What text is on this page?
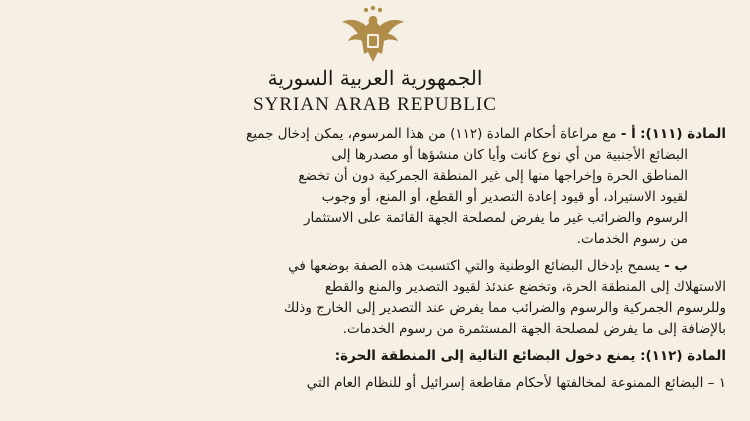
الجمهورية العربية السورية
SYRIAN ARAB REPUBLIC
المادة (١١١): أ - مع مراعاة أحكام المادة (١١٢) من هذا المرسوم، يمكن إدخال جميع
البضائع الأجنبية من أي نوع كانت وأيا كان منشؤها أو مصدرها إلى
المناطق الحرة وإخراجها منها إلى غير المنطقة الجمركية دون أن تخضع
لقيود الاستيراد، أو قيود إعادة التصدير أو القطع، أو المنع، أو وجوب
الرسوم والضرائب غير ما يفرض لمصلحة الجهة القائمة على الاستثمار
من رسوم الخدمات.
ب - يسمح بإدخال البضائع الوطنية والتي اكتسبت هذه الصفة بوضعها في
الاستهلاك إلى المنطقة الحرة، وتخضع عندئذ لقيود التصدير والمنع والقطع
وللرسوم الجمركية والرسوم والضرائب مما يفرض عند التصدير إلى الخارج وذلك
بالإضافة إلى ما يفرض لمصلحة الجهة المستثمرة من رسوم الخدمات.
المادة (١١٢): يمنع دخول البضائع التالية إلى المنطقة الحرة:
١ – البضائع الممنوعة لمخالفتها لأحكام مقاطعة إسرائيل أو للنظام العام التي
